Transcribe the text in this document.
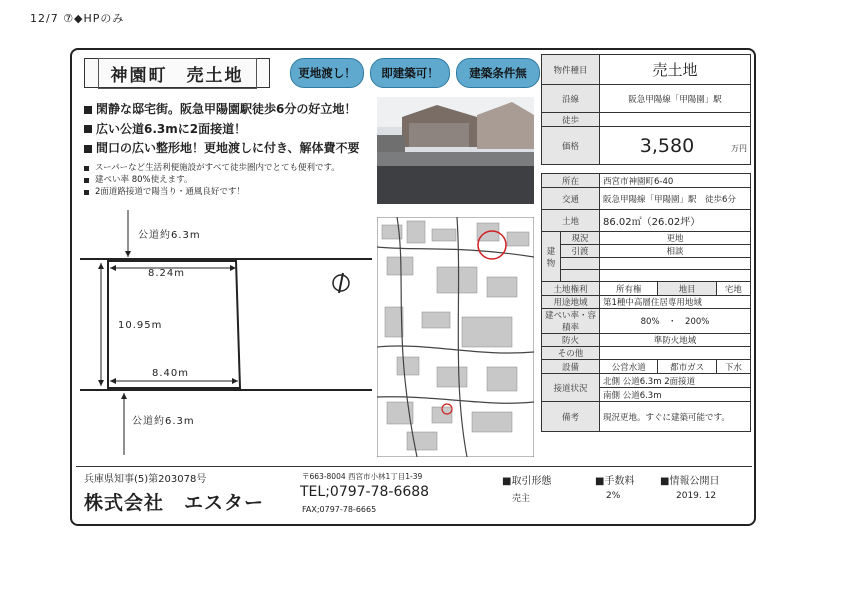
12/7 ⑦◆HPのみ
神園町　売土地	更地渡し！	即建築可！	建築条件無
閑静な邸宅街。阪急甲陽園駅徒歩6分の好立地！
広い公道6.3mに2面接道！
間口の広い整形地！更地渡しに付き、解体費不要
スーパーなど生活利便施設がすべて徒歩圏内でとても便利です。
建ぺい率 80%使えます。
2面道路接道で陽当り・通風良好です！
公道約6.3m
8.24m
10.95m
8.40m
公道約6.3m
物件種目	売土地
沿線	阪急甲陽線「甲陽園」駅
徒歩	
価格	3,580 万円
所在		西宮市神園町6-40		
交通		阪急甲陽線「甲陽園」駅　徒歩6分		
土地		86.02㎡（26.02坪）		
建物	現況	更地		
	引渡	相談		

土地権利		所有権	地目	宅地
用途地域		第1種中高層住居専用地域		
建ぺい率・容積率		80%　・　200%		
防火		準防火地域		
その他				
設備		公営水道	都市ガス	下水
接道状況		北側 公道6.3m 2面接道		
		南側 公道6.3m		
備考		現況更地。すぐに建築可能です。		
兵庫県知事(5)第203078号
株式会社　エスター
〒663-8004 西宮市小林1丁目1-39
TEL;0797-78-6688
FAX;0797-78-6665
■取引形態
売主
■手数料
2%
■情報公開日
2019. 12
